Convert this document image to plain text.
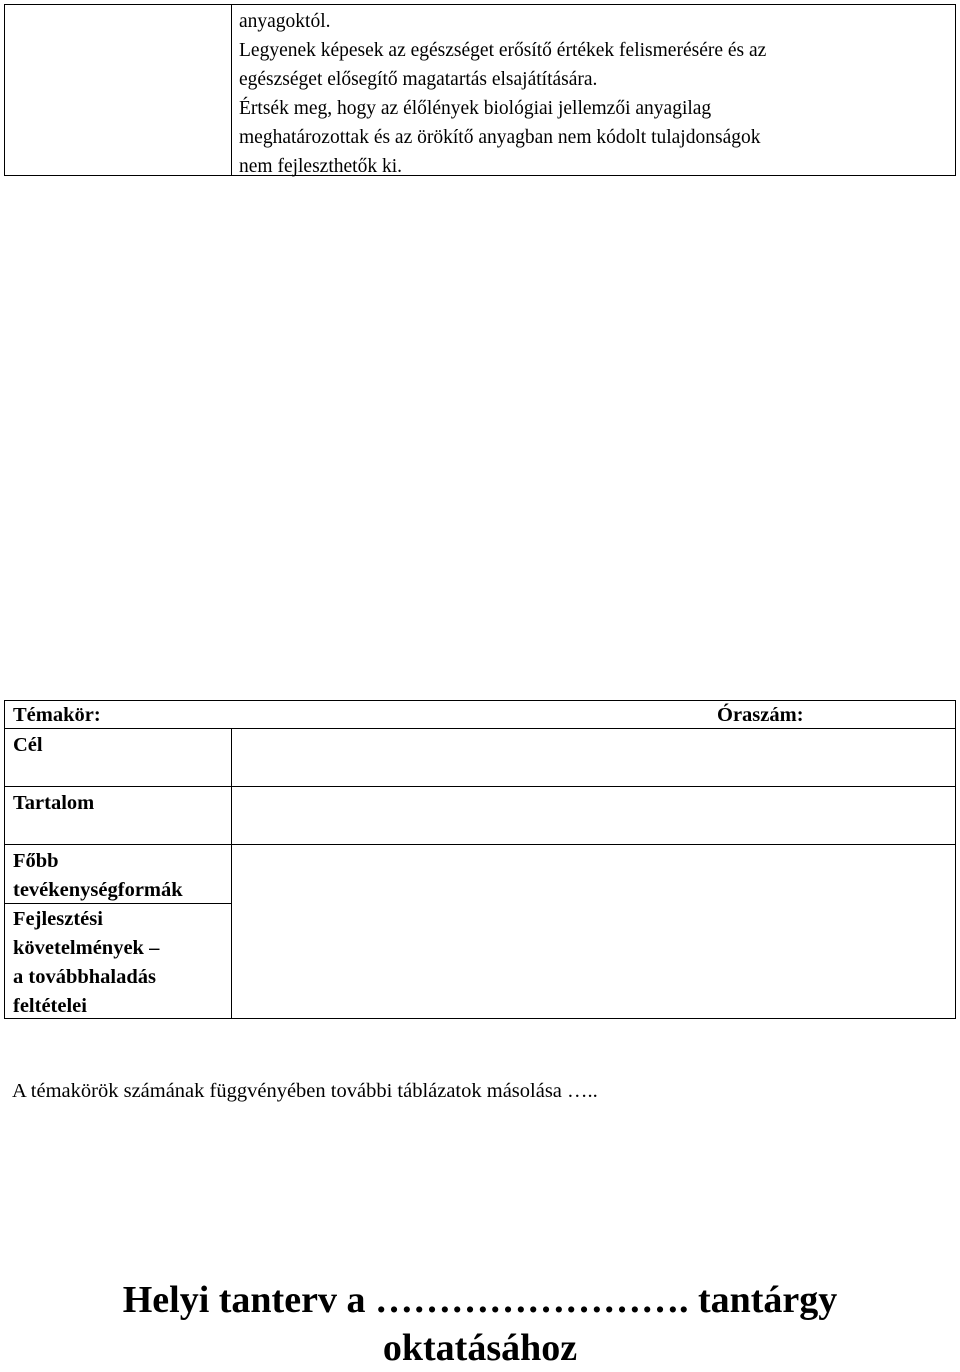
anyagoktól.
Legyenek képesek az egészséget erősítő értékek felismerésére és az
egészséget elősegítő magatartás elsajátítására.
Értsék meg, hogy az élőlények biológiai jellemzői anyagilag
meghatározottak és az örökítő anyagban nem kódolt tulajdonságok
nem fejleszthetők ki.
Témakör:	Óraszám:
Cél
Tartalom
Főbb
tevékenységformák
Fejlesztési
követelmények –
a továbbhaladás
feltételei
A témakörök számának függvényében további táblázatok másolása …..
Helyi tanterv a ……………………. tantárgy
oktatásához
